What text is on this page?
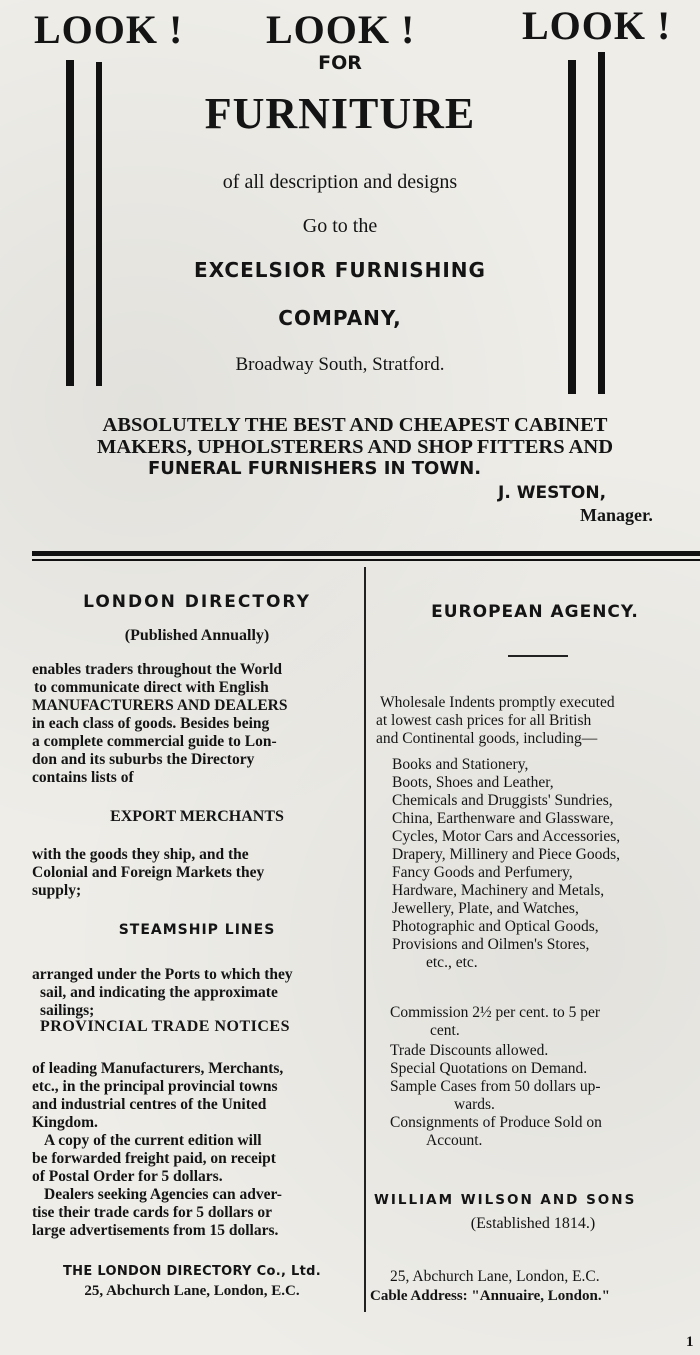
LOOK ! LOOK !	LOOK !
FOR
FURNITURE
of all description and designs
Go to the
EXCELSIOR FURNISHING
COMPANY,
Broadway South, Stratford.
ABSOLUTELY THE BEST AND CHEAPEST CABINET
MAKERS, UPHOLSTERERS AND SHOP FITTERS AND
FUNERAL FURNISHERS IN TOWN.
J. WESTON,
Manager.
LONDON DIRECTORY
(Published Annually)
enables traders throughout the World
to communicate direct with English
MANUFACTURERS AND DEALERS
in each class of goods. Besides being
a complete commercial guide to Lon-
don and its suburbs the Directory
contains lists of
EXPORT MERCHANTS
with the goods they ship, and the
Colonial and Foreign Markets they
supply;
STEAMSHIP LINES
arranged under the Ports to which they
sail, and indicating the approximate
sailings;
PROVINCIAL TRADE NOTICES
of leading Manufacturers, Merchants,
etc., in the principal provincial towns
and industrial centres of the United
Kingdom.
A copy of the current edition will
be forwarded freight paid, on receipt
of Postal Order for 5 dollars.
Dealers seeking Agencies can adver-
tise their trade cards for 5 dollars or
large advertisements from 15 dollars.
THE LONDON DIRECTORY Co., Ltd.
25, Abchurch Lane, London, E.C.
EUROPEAN AGENCY.
Wholesale Indents promptly executed
at lowest cash prices for all British
and Continental goods, including—
Books and Stationery,
Boots, Shoes and Leather,
Chemicals and Druggists' Sundries,
China, Earthenware and Glassware,
Cycles, Motor Cars and Accessories,
Drapery, Millinery and Piece Goods,
Fancy Goods and Perfumery,
Hardware, Machinery and Metals,
Jewellery, Plate, and Watches,
Photographic and Optical Goods,
Provisions and Oilmen's Stores,
etc., etc.
Commission 2½ per cent. to 5 per
cent.
Trade Discounts allowed.
Special Quotations on Demand.
Sample Cases from 50 dollars up-
wards.
Consignments of Produce Sold on
Account.
WILLIAM WILSON AND SONS
(Established 1814.)
25, Abchurch Lane, London, E.C.
Cable Address: "Annuaire, London."
1
